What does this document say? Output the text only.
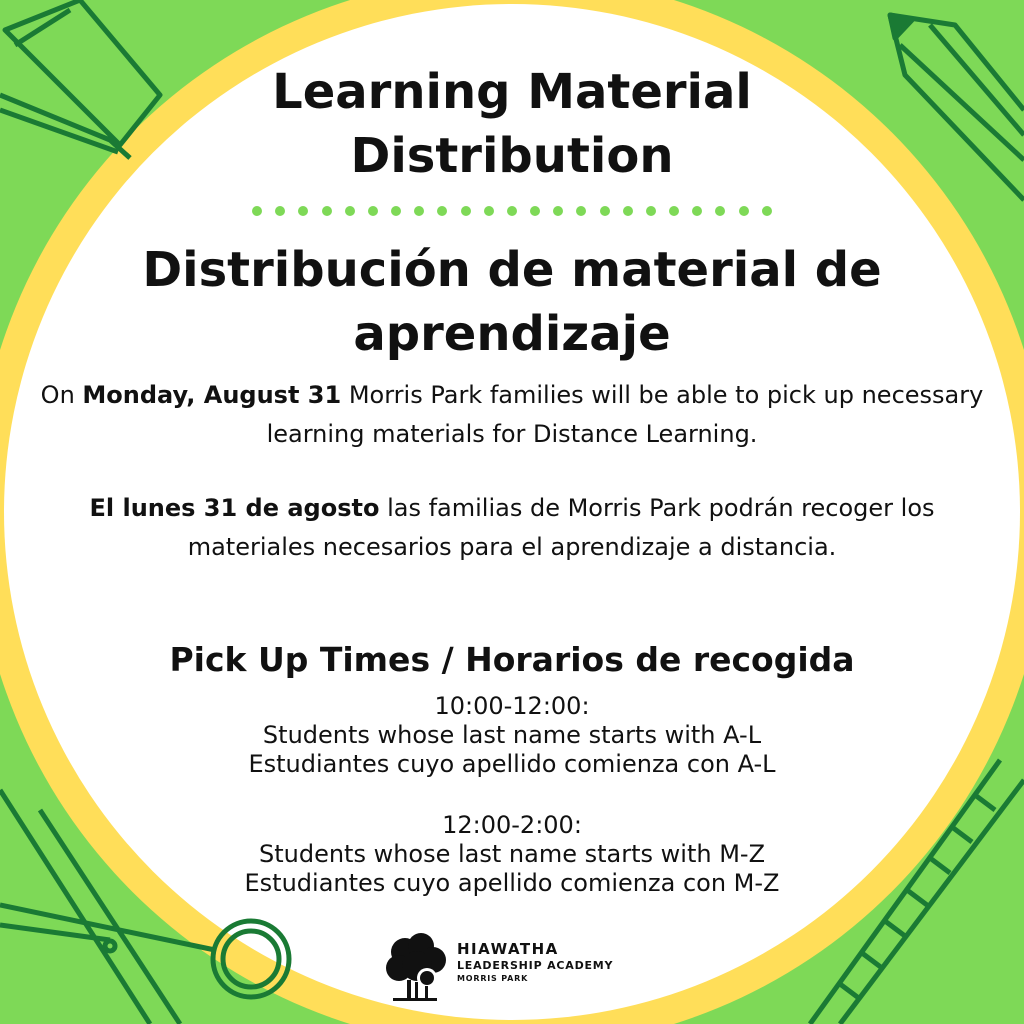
Learning Material
Distribution
Distribución de material de
aprendizaje

On Monday, August 31 Morris Park families will be able to pick up necessary learning materials for Distance Learning.

El lunes 31 de agosto las familias de Morris Park podrán recoger los materiales necesarios para el aprendizaje a distancia.

Pick Up Times / Horarios de recogida
10:00-12:00:
Students whose last name starts with A-L
Estudiantes cuyo apellido comienza con A-L
12:00-2:00:
Students whose last name starts with M-Z
Estudiantes cuyo apellido comienza con M-Z
HIAWATHA
LEADERSHIP ACADEMY
MORRIS PARK
